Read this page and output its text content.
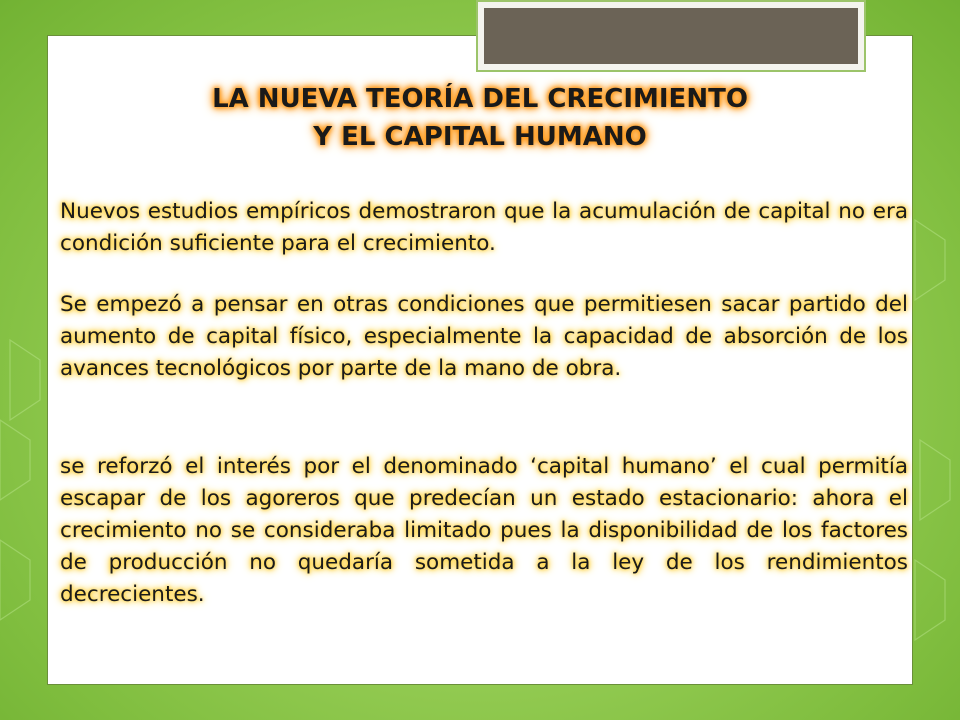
LA NUEVA TEORÍA DEL CRECIMIENTO
Y EL CAPITAL HUMANO

Nuevos estudios empíricos demostraron que la acumulación de capital no era condición suficiente para el crecimiento.

Se empezó a pensar en otras condiciones que permitiesen sacar partido del aumento de capital físico, especialmente la capacidad de absorción de los avances tecnológicos por parte de la mano de obra.

se reforzó el interés por el denominado ‘capital humano’ el cual permitía escapar de los agoreros que predecían un estado estacionario: ahora el crecimiento no se consideraba limitado pues la disponibilidad de los factores de producción no quedaría sometida a la ley de los rendimientos decrecientes.
